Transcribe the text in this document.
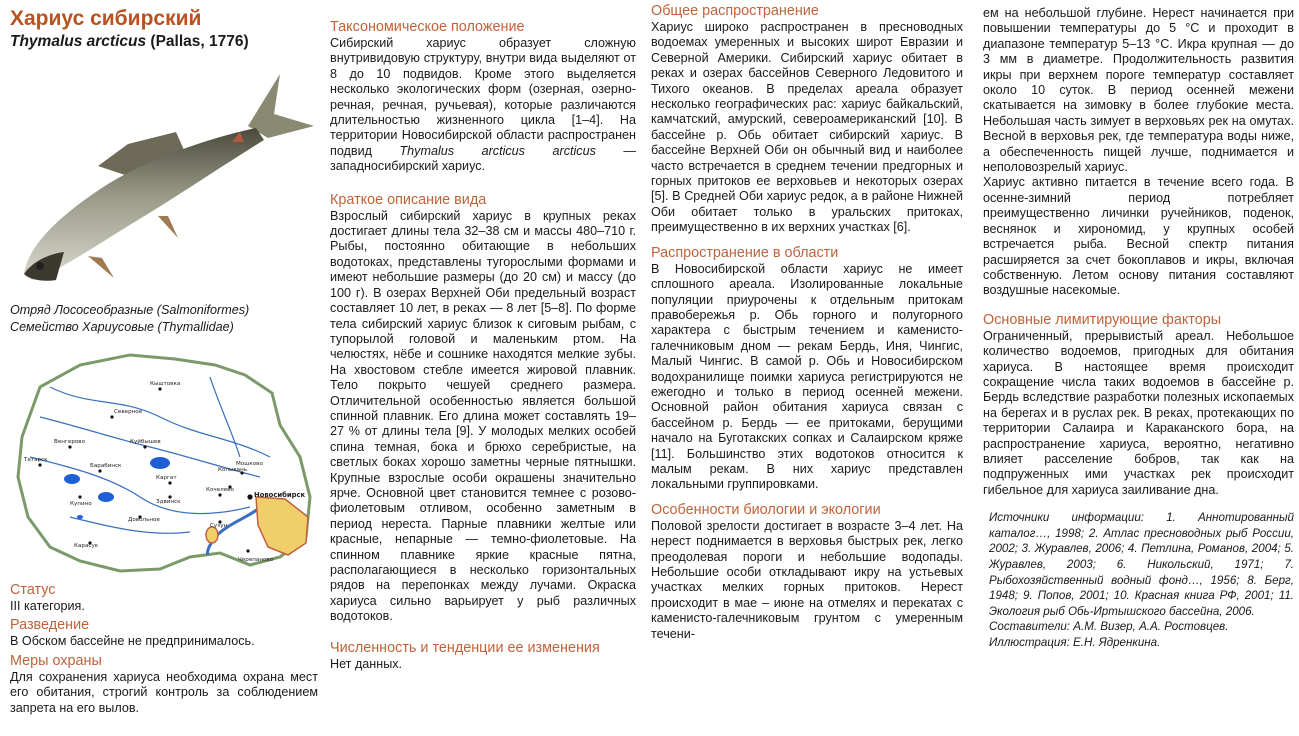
Хариус сибирский
Thymalus arcticus (Pallas, 1776)
Статус

III категория.

Разведение

В Обском бассейне не предпринималось.

Меры охраны

Для сохранения хариуса необходима охрана мест его обитания, строгий контроль за соблюдением запрета на его вылов.

Отряд Лососеобразные (Salmoniformes)
Семейство Хариусовые (Thymallidae)
Северное
Татарск
Барабинск
Каргат
Довольное
Карасук
Кыштовка
Колывань
Мошково
Кочелево
Новосибирск
Черепаново
Венгерово	Куйбышев
Здвинск
Купино
Сузун
Таксономическое положение

Сибирский хариус образует сложную внутривидовую структуру, внутри вида выделяют от 8 до 10 подвидов. Кроме этого выделяется несколько экологических форм (озерная, озерно-речная, речная, ручьевая), которые различаются длительностью жизненного цикла [1–4]. На территории Новосибирской области распространен подвид Thymalus arcticus arcticus — западносибирский хариус.

Краткое описание вида

Взрослый сибирский хариус в крупных реках достигает длины тела 32–38 см и массы 480–710 г. Рыбы, постоянно обитающие в небольших водотоках, представлены тугорослыми формами и имеют небольшие размеры (до 20 см) и массу (до 100 г). В озерах Верхней Оби предельный возраст составляет 10 лет, в реках — 8 лет [5–8]. По форме тела сибирский хариус близок к сиговым рыбам, с тупорылой головой и маленьким ртом. На челюстях, нёбе и сошнике находятся мелкие зубы. На хвостовом стебле имеется жировой плавник. Тело покрыто чешуей среднего размера. Отличительной особенностью является большой спинной плавник. Его длина может составлять 19–27 % от длины тела [9]. У молодых мелких особей спина темная, бока и брюхо серебристые, на светлых боках хорошо заметны черные пятнышки. Крупные взрослые особи окрашены значительно ярче. Основной цвет становится темнее с розово-фиолетовым отливом, особенно заметным в период нереста. Парные плавники желтые или красные, непарные — темно-фиолетовые. На спинном плавнике яркие красные пятна, располагающиеся в несколько горизонтальных рядов на перепонках между лучами. Окраска хариуса сильно варьирует у рыб различных водотоков.

Численность и тенденции ее изменения

Нет данных.

Общее распространение

Хариус широко распространен в пресноводных водоемах умеренных и высоких широт Евразии и Северной Америки. Сибирский хариус обитает в реках и озерах бассейнов Северного Ледовитого и Тихого океанов. В пределах ареала образует несколько географических рас: хариус байкальский, камчатский, амурский, североамериканский [10]. В бассейне р. Обь обитает сибирский хариус. В бассейне Верхней Оби он обычный вид и наиболее часто встречается в среднем течении предгорных и горных притоков ее верховьев и некоторых озерах [5]. В Средней Оби хариус редок, а в районе Нижней Оби обитает только в уральских притоках, преимущественно в их верхних участках [6].

Распространение в области

В Новосибирской области хариус не имеет сплошного ареала. Изолированные локальные популяции приурочены к отдельным притокам правобережья р. Обь горного и полугорного характера с быстрым течением и каменисто-галечниковым дном — рекам Бердь, Иня, Чингис, Малый Чингис. В самой р. Обь и Новосибирском водохранилище поимки хариуса регистрируются не ежегодно и только в период осенней межени. Основной район обитания хариуса связан с бассейном р. Бердь — ее притоками, берущими начало на Буготакских сопках и Салаирском кряже [11]. Большинство этих водотоков относится к малым рекам. В них хариус представлен локальными группировками.

Особенности биологии и экологии

Половой зрелости достигает в возрасте 3–4 лет. На нерест поднимается в верховья быстрых рек, легко преодолевая пороги и небольшие водопады. Небольшие особи откладывают икру на устьевых участках мелких горных притоков. Нерест происходит в мае – июне на отмелях и перекатах с каменисто-галечниковым грунтом с умеренным течени-

ем на небольшой глубине. Нерест начинается при повышении температуры до 5 °С и проходит в диапазоне температур 5–13 °С. Икра крупная — до 3 мм в диаметре. Продолжительность развития икры при верхнем пороге температур составляет около 10 суток. В период осенней межени скатывается на зимовку в более глубокие места. Небольшая часть зимует в верховьях рек на омутах. Весной в верховья рек, где температура воды ниже, а обеспеченность пищей лучше, поднимается и неполовозрелый хариус.

Хариус активно питается в течение всего года. В осенне-зимний период потребляет преимущественно личинки ручейников, поденок, веснянок и хирономид, у крупных особей встречается рыба. Весной спектр питания расширяется за счет бокоплавов и икры, включая собственную. Летом основу питания составляют воздушные насекомые.

Основные лимитирующие факторы

Ограниченный, прерывистый ареал. Небольшое количество водоемов, пригодных для обитания хариуса. В настоящее время происходит сокращение числа таких водоемов в бассейне р. Бердь вследствие разработки полезных ископаемых на берегах и в руслах рек. В реках, протекающих по территории Салаира и Караканского бора, на распространение хариуса, вероятно, негативно влияет расселение бобров, так как на подпруженных ими участках рек происходит гибельное для хариуса заиливание дна.

Источники информации: 1. Аннотированный каталог…, 1998; 2. Атлас пресноводных рыб России, 2002; 3. Журавлев, 2006; 4. Петлина, Романов, 2004; 5. Журавлев, 2003; 6. Никольский, 1971; 7. Рыбохозяйственный водный фонд…, 1956; 8. Берг, 1948; 9. Попов, 2001; 10. Красная книга РФ, 2001; 11. Экология рыб Обь-Иртышского бассейна, 2006.

Составители: А.М. Визер, А.А. Ростовцев.

Иллюстрация: Е.Н. Ядренкина.
